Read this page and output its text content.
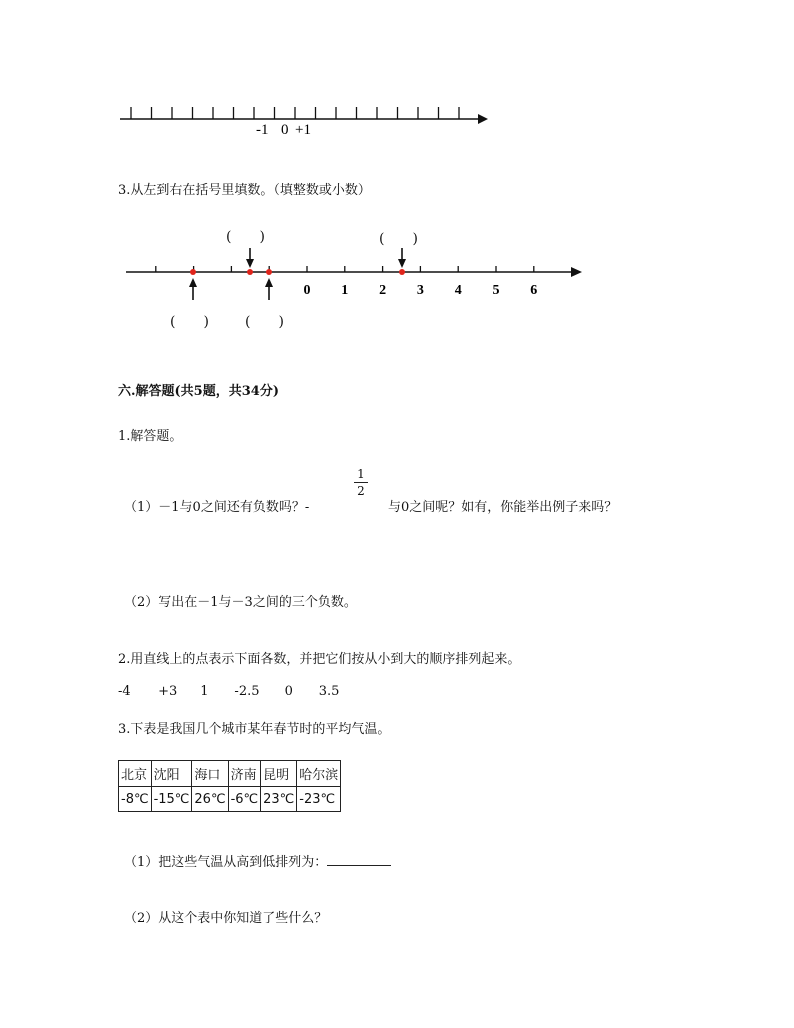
-1 0 +1
3.从左到右在括号里填数。（填整数或小数）
0 1 2 3 4 5 6
(　　)	(　　)
(　　)	(　　)
六.解答题(共5题，共34分)
1.解答题。
（1）－1与0之间还有负数吗？-
1
2
与0之间呢？如有，你能举出例子来吗？
（2）写出在－1与－3之间的三个负数。
2.用直线上的点表示下面各数，并把它们按从小到大的顺序排列起来。
-4 +3 1 -2.5 0 3.5
3.下表是我国几个城市某年春节时的平均气温。
北京	沈阳	海口	济南	昆明	哈尔滨
-8℃	-15℃	26℃	-6℃	23℃	-23℃
（1）把这些气温从高到低排列为：
（2）从这个表中你知道了些什么？
